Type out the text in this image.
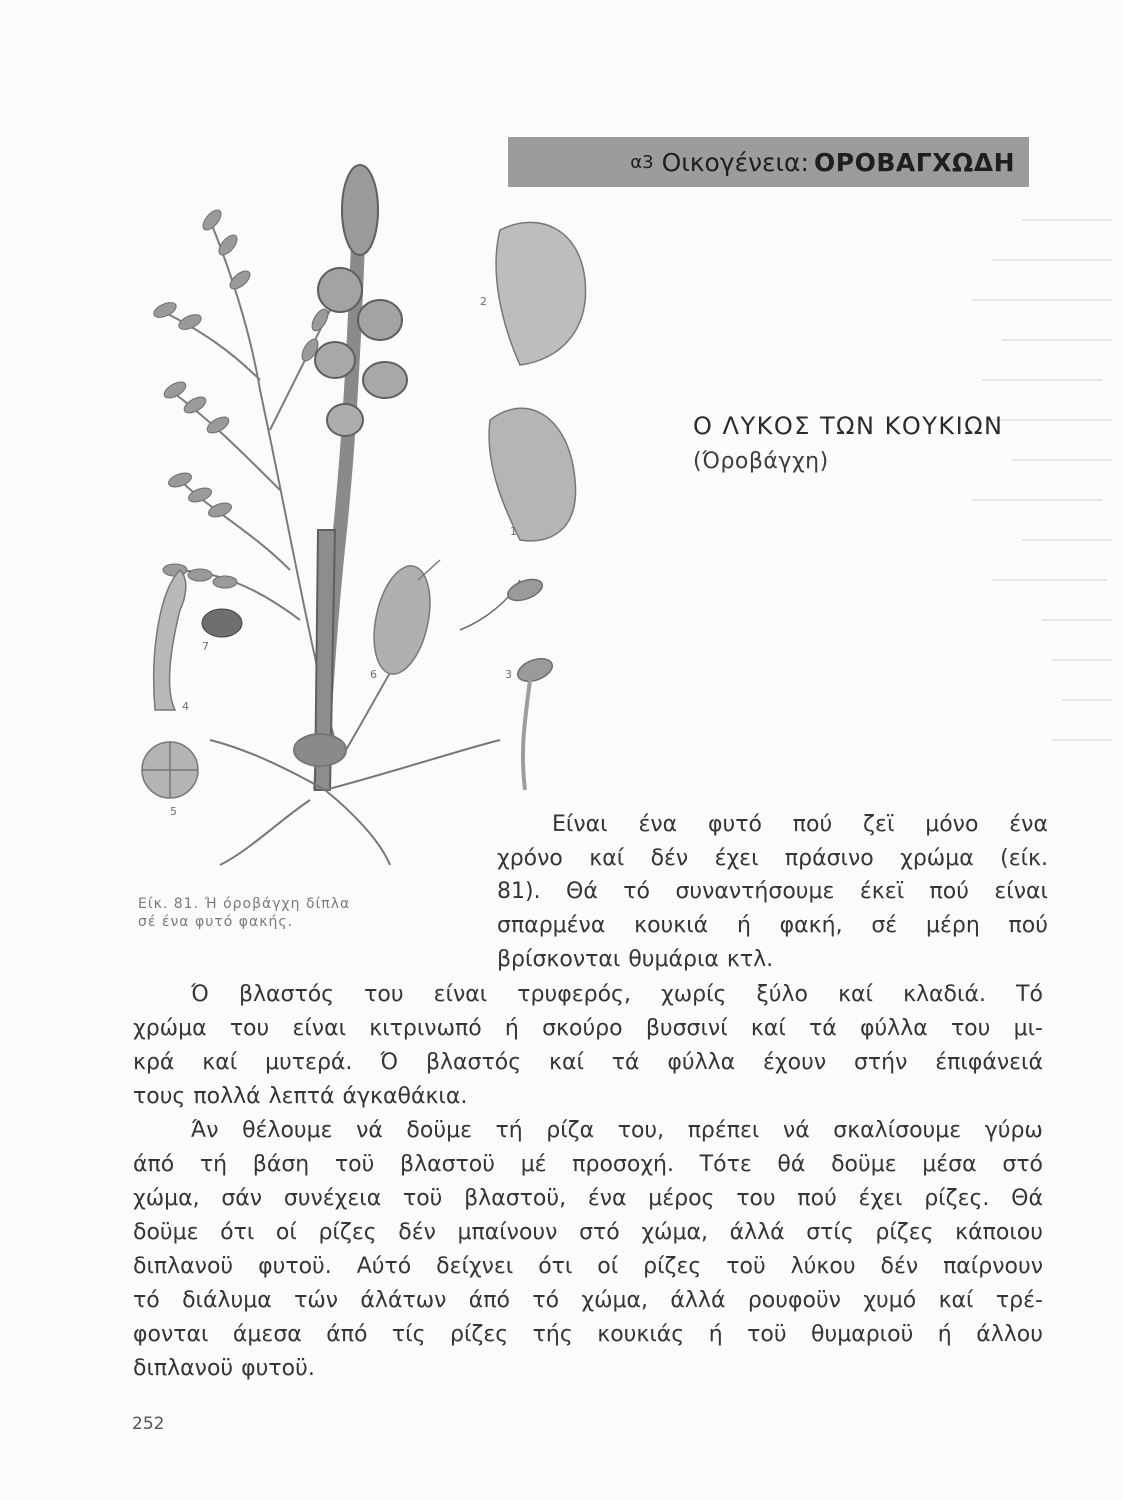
α3 Οικογένεια:
ΟΡΟΒΑΓΧΩΔΗ
2
1
7
6	3
4
5
Ο ΛΥΚΟΣ ΤΩΝ ΚΟΥΚΙΩΝ
(Όροβάγχη)
Είκ. 81. Ή όροβάγχη δίπλα
σέ ένα φυτό φακής.
Είναι ένα φυτό πού ζεϊ μόνο ένα
χρόνο καί δέν έχει πράσινο χρώμα (είκ.
81). Θά τό συναντήσουμε έκεϊ πού είναι
σπαρμένα κουκιά ή φακή, σέ μέρη πού
βρίσκονται θυμάρια κτλ.
Ό βλαστός του είναι τρυφερός, χωρίς ξύλο καί κλαδιά. Τό
χρώμα του είναι κιτρινωπό ή σκούρο βυσσινί καί τά φύλλα του μι-
κρά καί μυτερά. Ό βλαστός καί τά φύλλα έχουν στήν έπιφάνειά
τους πολλά λεπτά άγκαθάκια.
Άν θέλουμε νά δοϋμε τή ρίζα του, πρέπει νά σκαλίσουμε γύρω
άπό τή βάση τοϋ βλαστοϋ μέ προσοχή. Τότε θά δοϋμε μέσα στό
χώμα, σάν συνέχεια τοϋ βλαστοϋ, ένα μέρος του πού έχει ρίζες. Θά
δοϋμε ότι οί ρίζες δέν μπαίνουν στό χώμα, άλλά στίς ρίζες κάποιου
διπλανοϋ φυτοϋ. Αύτό δείχνει ότι οί ρίζες τοϋ λύκου δέν παίρνουν
τό διάλυμα τών άλάτων άπό τό χώμα, άλλά ρουφοϋν χυμό καί τρέ-
φονται άμεσα άπό τίς ρίζες τής κουκιάς ή τοϋ θυμαριοϋ ή άλλου
διπλανοϋ φυτοϋ.
252
